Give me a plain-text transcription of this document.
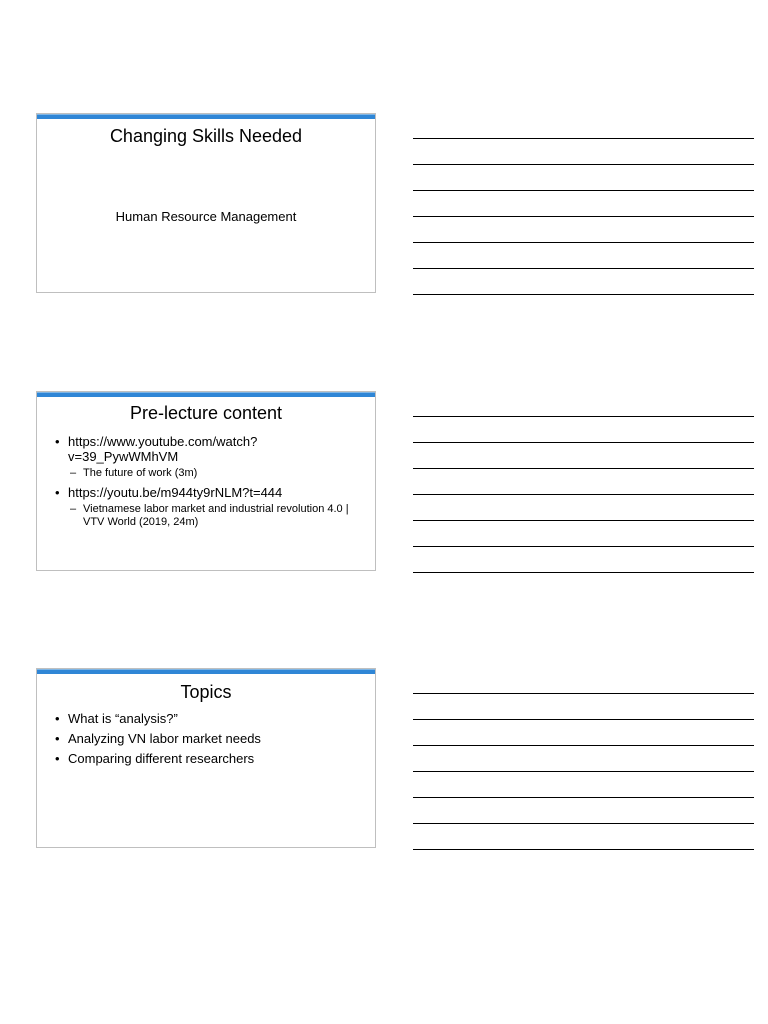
Changing Skills Needed
Human Resource Management
Pre-lecture content
• https://www.youtube.com/watch?v=39_PywWMhVM
– The future of work (3m)
• https://youtu.be/m944ty9rNLM?t=444
– Vietnamese labor market and industrial revolution 4.0 | VTV World (2019, 24m)
Topics
• What is “analysis?”
• Analyzing VN labor market needs
• Comparing different researchers
